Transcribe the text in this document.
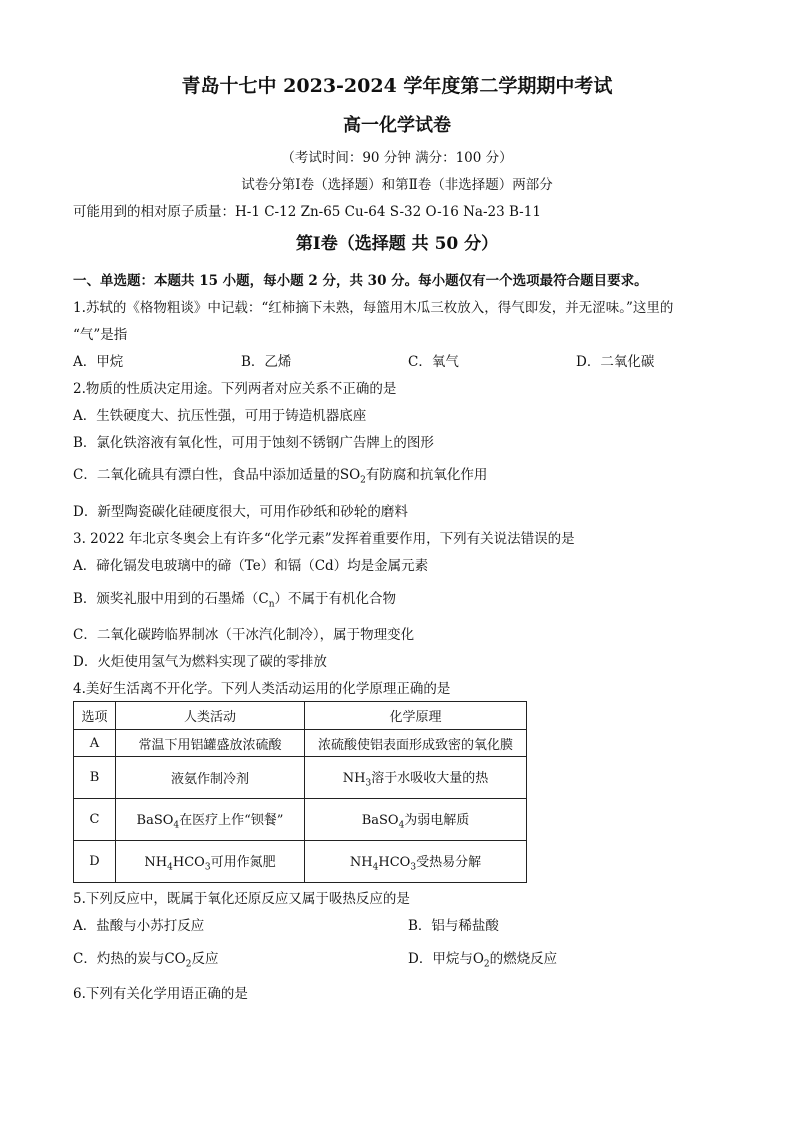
青岛十七中 2023-2024 学年度第二学期期中考试
高一化学试卷
（考试时间：90 分钟 满分：100 分）
试卷分第Ⅰ卷（选择题）和第Ⅱ卷（非选择题）两部分
可能用到的相对原子质量：H-1 C-12 Zn-65 Cu-64 S-32 O-16 Na-23 B-11
第Ⅰ卷（选择题 共 50 分）
一、单选题：本题共 15 小题，每小题 2 分，共 30 分。每小题仅有一个选项最符合题目要求。
1.苏轼的《格物粗谈》中记载：“红柿摘下未熟，每篮用木瓜三枚放入，得气即发，并无涩味。”这里的
“气”是指
A．甲烷	B．乙烯	C．氧气	D．二氧化碳
2.物质的性质决定用途。下列两者对应关系不正确的是
A．生铁硬度大、抗压性强，可用于铸造机器底座
B．氯化铁溶液有氧化性，可用于蚀刻不锈钢广告牌上的图形
C．二氧化硫具有漂白性，食品中添加适量的$SO_2$有防腐和抗氧化作用
D．新型陶瓷碳化硅硬度很大，可用作砂纸和砂轮的磨料
3. 2022 年北京冬奥会上有许多“化学元素”发挥着重要作用，下列有关说法错误的是
A．碲化镉发电玻璃中的碲（Te）和镉（Cd）均是金属元素
B．颁奖礼服中用到的石墨烯$(C_n)$不属于有机化合物
C．二氧化碳跨临界制冰（干冰汽化制冷），属于物理变化
D．火炬使用氢气为燃料实现了碳的零排放
4.美好生活离不开化学。下列人类活动运用的化学原理正确的是
选项	人类活动	化学原理
A	常温下用铝罐盛放浓硫酸	浓硫酸使铝表面形成致密的氧化膜
B	液氨作制冷剂	$NH_3$溶于水吸收大量的热
C	BaSO$_4$在医疗上作“钡餐”	BaSO$_4$为弱电解质
D	$NH_4HCO_3$可用作氮肥	$NH_4HCO_3$受热易分解
5.下列反应中，既属于氧化还原反应又属于吸热反应的是
A．盐酸与小苏打反应	B．铝与稀盐酸
C．灼热的炭与$CO_2$反应	D．甲烷与$O_2$的燃烧反应
6.下列有关化学用语正确的是
